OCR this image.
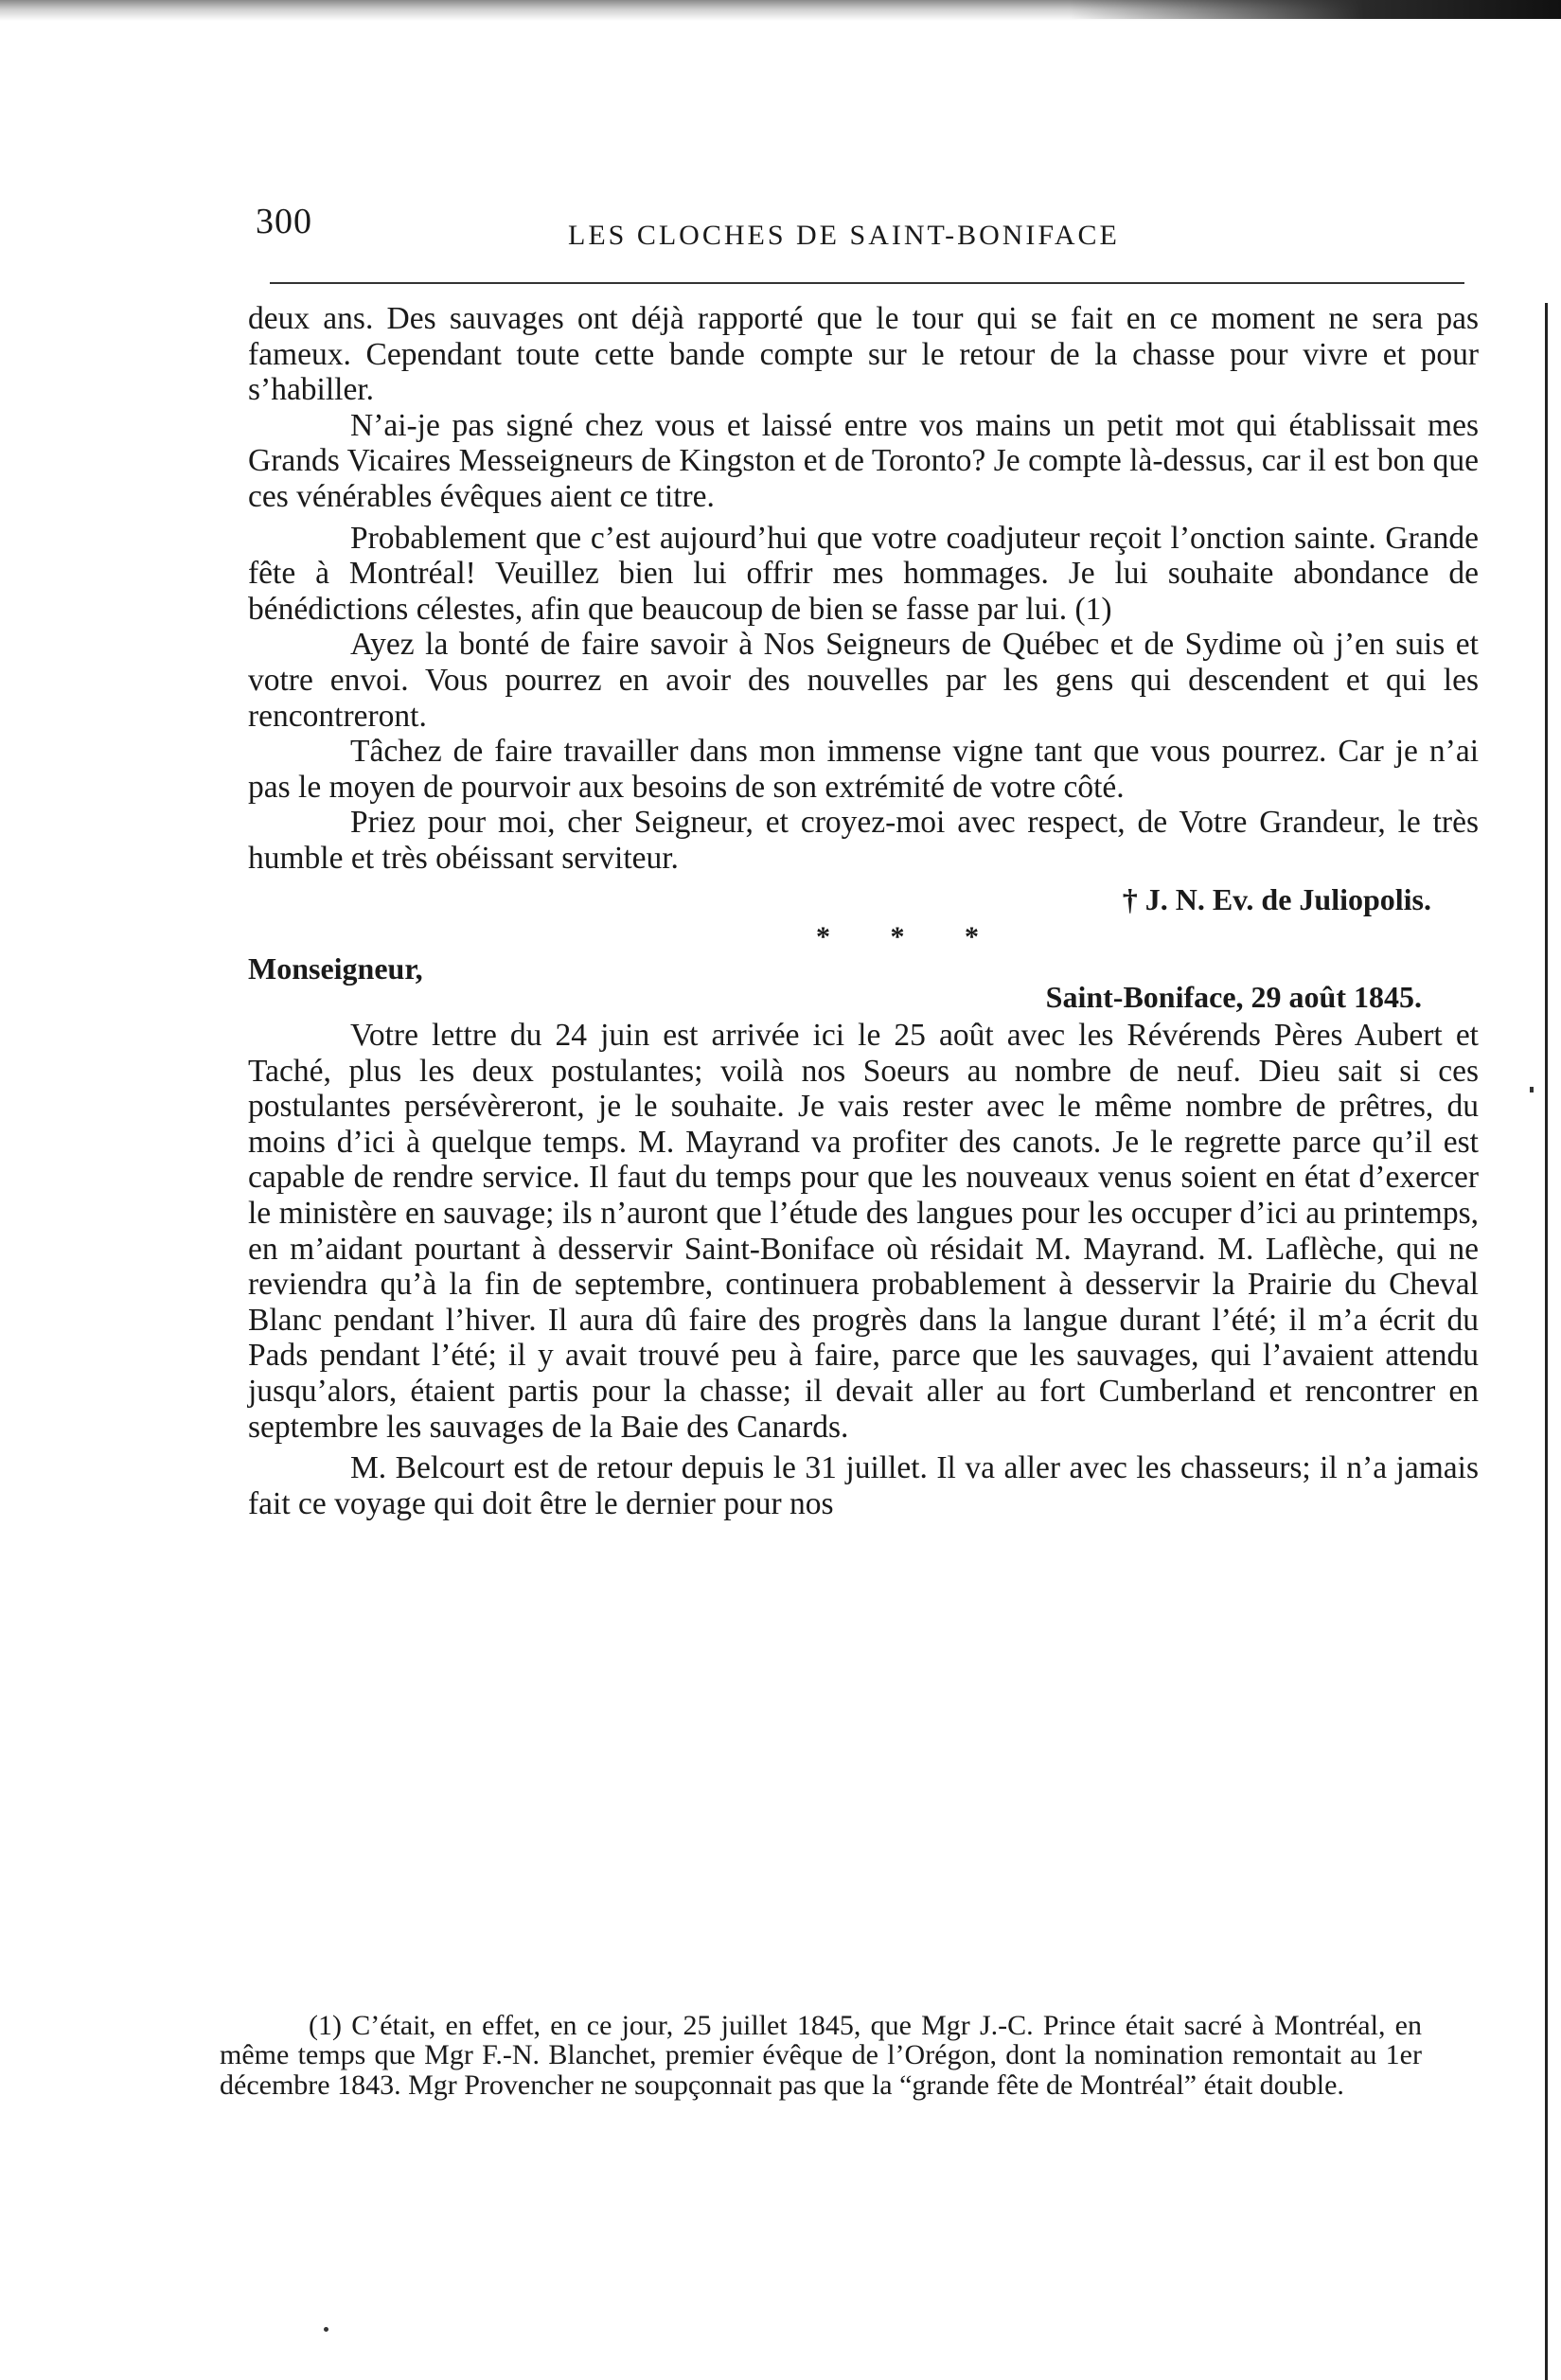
300	LES CLOCHES DE SAINT-BONIFACE

deux ans. Des sauvages ont déjà rapporté que le tour qui se fait en ce moment ne sera pas fameux. Cependant toute cette bande compte sur le retour de la chasse pour vivre et pour s’habiller.

N’ai-je pas signé chez vous et laissé entre vos mains un petit mot qui établissait mes Grands Vicaires Messeigneurs de Kingston et de Toronto? Je compte là-dessus, car il est bon que ces vénérables évêques aient ce titre.

Probablement que c’est aujourd’hui que votre coadjuteur reçoit l’onction sainte. Grande fête à Montréal! Veuillez bien lui offrir mes hommages. Je lui souhaite abondance de bénédictions célestes, afin que beaucoup de bien se fasse par lui. (1)

Ayez la bonté de faire savoir à Nos Seigneurs de Québec et de Sydime où j’en suis et votre envoi. Vous pourrez en avoir des nouvelles par les gens qui descendent et qui les rencontreront.

Tâchez de faire travailler dans mon immense vigne tant que vous pourrez. Car je n’ai pas le moyen de pourvoir aux besoins de son extrémité de votre côté.

Priez pour moi, cher Seigneur, et croyez-moi avec respect, de Votre Grandeur, le très humble et très obéissant serviteur.

† J. N. Ev. de Juliopolis.
* * *
Monseigneur,
Saint-Boniface, 29 août 1845.

Votre lettre du 24 juin est arrivée ici le 25 août avec les Révérends Pères Aubert et Taché, plus les deux postulantes; voilà nos Soeurs au nombre de neuf. Dieu sait si ces postulantes persévèreront, je le souhaite. Je vais rester avec le même nombre de prêtres, du moins d’ici à quelque temps. M. Mayrand va profiter des canots. Je le regrette parce qu’il est capable de rendre service. Il faut du temps pour que les nouveaux venus soient en état d’exercer le ministère en sauvage; ils n’auront que l’étude des langues pour les occuper d’ici au printemps, en m’aidant pourtant à desservir Saint-Boniface où résidait M. Mayrand. M. Laflèche, qui ne reviendra qu’à la fin de septembre, continuera probablement à desservir la Prairie du Cheval Blanc pendant l’hiver. Il aura dû faire des progrès dans la langue durant l’été; il m’a écrit du Pads pendant l’été; il y avait trouvé peu à faire, parce que les sauvages, qui l’avaient attendu jusqu’alors, étaient partis pour la chasse; il devait aller au fort Cumberland et rencontrer en septembre les sauvages de la Baie des Canards.

M. Belcourt est de retour depuis le 31 juillet. Il va aller avec les chasseurs; il n’a jamais fait ce voyage qui doit être le dernier pour nos

(1) C’était, en effet, en ce jour, 25 juillet 1845, que Mgr J.-C. Prince était sacré à Montréal, en même temps que Mgr F.-N. Blanchet, premier évêque de l’Orégon, dont la nomination remontait au 1er décembre 1843. Mgr Provencher ne soupçonnait pas que la “grande fête de Montréal” était double.
